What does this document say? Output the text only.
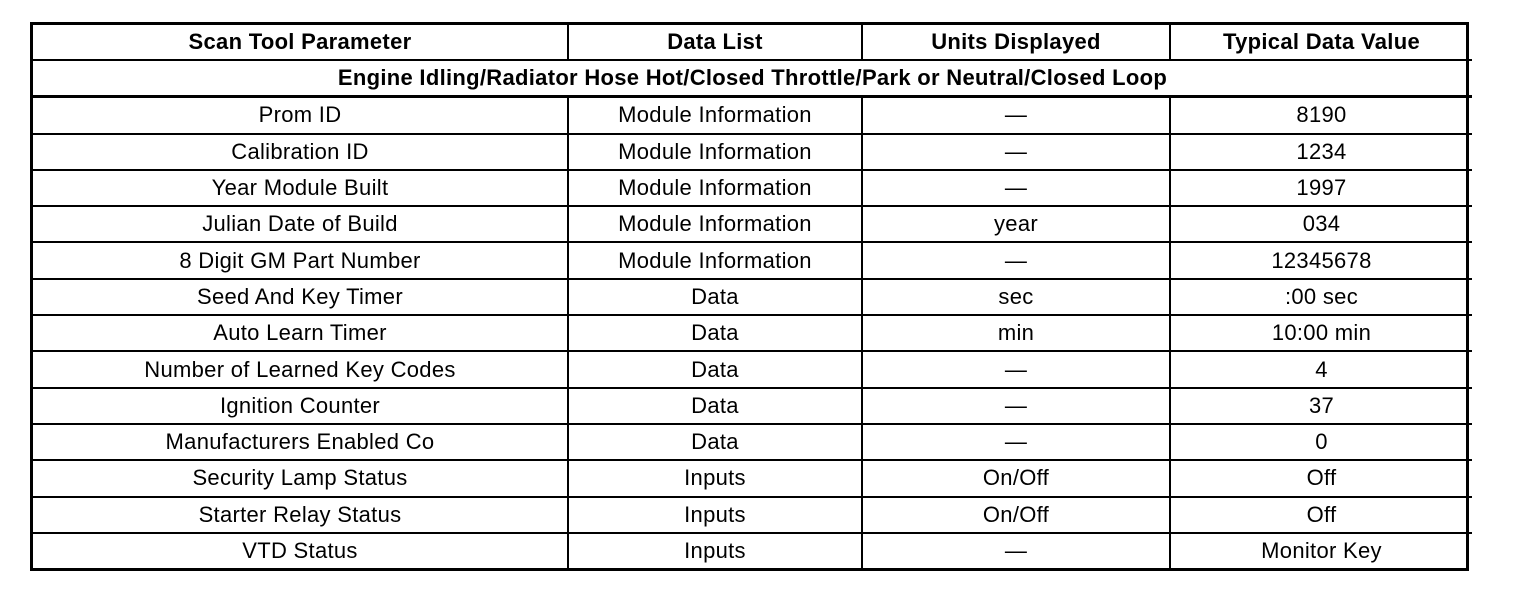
Scan Tool Parameter	Data List	Units Displayed	Typical Data Value
Engine Idling/Radiator Hose Hot/Closed Throttle/Park or Neutral/Closed Loop			
Prom ID	Module Information	—	8190
Calibration ID	Module Information	—	1234
Year Module Built	Module Information	—	1997
Julian Date of Build	Module Information	year	034
8 Digit GM Part Number	Module Information	—	12345678
Seed And Key Timer	Data	sec	:00 sec
Auto Learn Timer	Data	min	10:00 min
Number of Learned Key Codes	Data	—	4
Ignition Counter	Data	—	37
Manufacturers Enabled Co	Data	—	0
Security Lamp Status	Inputs	On/Off	Off
Starter Relay Status	Inputs	On/Off	Off
VTD Status	Inputs	—	Monitor Key
